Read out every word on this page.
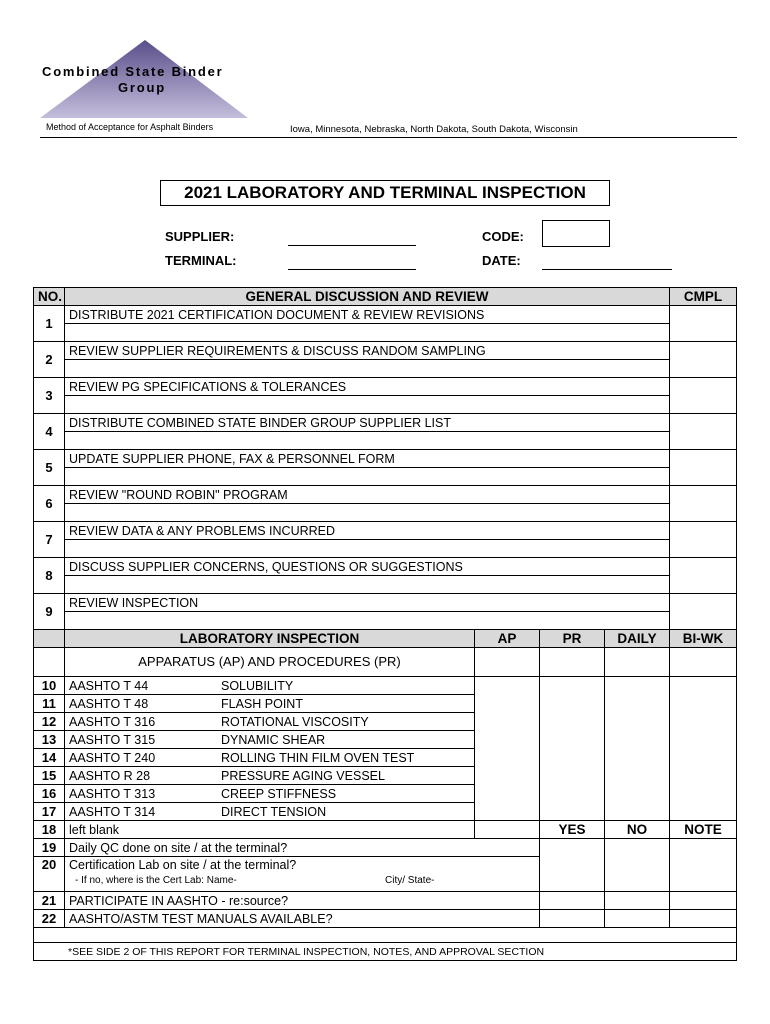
Combined State Binder
Group
Method of Acceptance for Asphalt Binders	Iowa, Minnesota, Nebraska, North Dakota, South Dakota, Wisconsin
2021 LABORATORY AND TERMINAL INSPECTION
SUPPLIER:
TERMINAL:
CODE:
DATE:
NO.	GENERAL DISCUSSION AND REVIEW				CMPL
1	DISTRIBUTE 2021 CERTIFICATION DOCUMENT & REVIEW REVISIONS				

2	REVIEW SUPPLIER REQUIREMENTS & DISCUSS RANDOM SAMPLING				

3	REVIEW PG SPECIFICATIONS & TOLERANCES				

4	DISTRIBUTE COMBINED STATE BINDER GROUP SUPPLIER LIST				

5	UPDATE SUPPLIER PHONE, FAX & PERSONNEL FORM				

6	REVIEW "ROUND ROBIN" PROGRAM				

7	REVIEW DATA & ANY PROBLEMS INCURRED				

8	DISCUSS SUPPLIER CONCERNS, QUESTIONS OR SUGGESTIONS				

9	REVIEW INSPECTION				

	LABORATORY INSPECTION	AP	PR	DAILY	BI-WK
	APPARATUS (AP) AND PROCEDURES (PR)				
10	AASHTO T 44 SOLUBILITY				
11	AASHTO T 48 FLASH POINT				
12	AASHTO T 316 ROTATIONAL VISCOSITY				
13	AASHTO T 315 DYNAMIC SHEAR				
14	AASHTO T 240 ROLLING THIN FILM OVEN TEST				
15	AASHTO R 28 PRESSURE AGING VESSEL				
16	AASHTO T 313 CREEP STIFFNESS				
17	AASHTO T 314 DIRECT TENSION				
18	left blank		YES	NO	NOTE
19	Daily QC done on site / at the terminal?				
20	Certification Lab on site / at the terminal?
- If no, where is the Cert Lab: Name- City/ State-				

21	PARTICIPATE IN AASHTO - re:source?				
22	AASHTO/ASTM TEST MANUALS AVAILABLE?				

*SEE SIDE 2 OF THIS REPORT FOR TERMINAL INSPECTION, NOTES, AND APPROVAL SECTION					
